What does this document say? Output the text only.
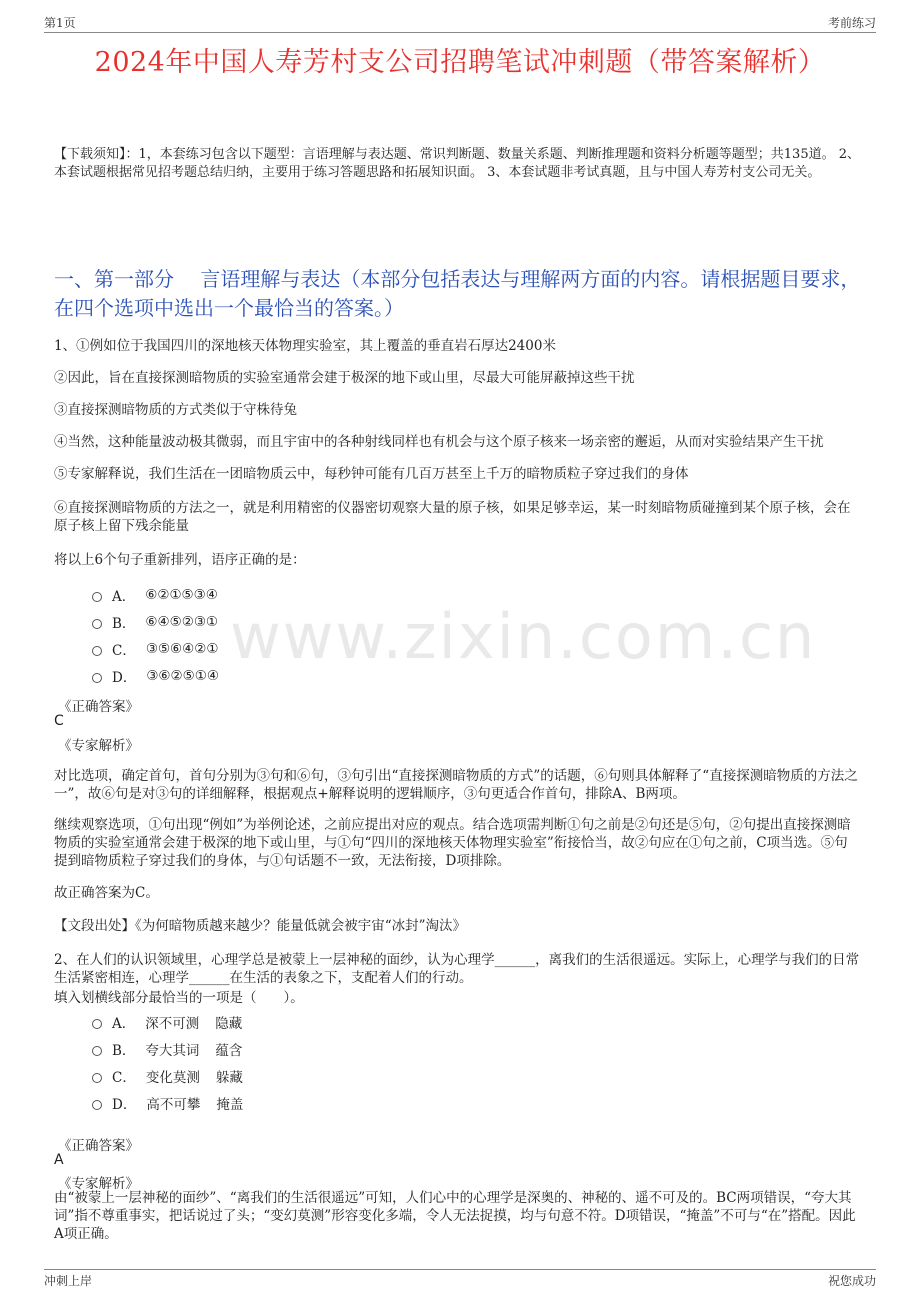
第1页	考前练习
www.zixin.com.cn
2024年中国人寿芳村支公司招聘笔试冲刺题（带答案解析）
【下载须知】：1，本套练习包含以下题型：言语理解与表达题、常识判断题、数量关系题、判断推理题和资料分析题等题型；共135道。 2、本套试题根据常见招考题总结归纳，主要用于练习答题思路和拓展知识面。 3、本套试题非考试真题，且与中国人寿芳村支公司无关。
一、第一部分　 言语理解与表达（本部分包括表达与理解两方面的内容。请根据题目要求，在四个选项中选出一个最恰当的答案。）
1、①例如位于我国四川的深地核天体物理实验室，其上覆盖的垂直岩石厚达2400米
②因此，旨在直接探测暗物质的实验室通常会建于极深的地下或山里，尽最大可能屏蔽掉这些干扰
③直接探测暗物质的方式类似于守株待兔
④当然，这种能量波动极其微弱，而且宇宙中的各种射线同样也有机会与这个原子核来一场亲密的邂逅，从而对实验结果产生干扰
⑤专家解释说，我们生活在一团暗物质云中，每秒钟可能有几百万甚至上千万的暗物质粒子穿过我们的身体
⑥直接探测暗物质的方法之一，就是利用精密的仪器密切观察大量的原子核，如果足够幸运，某一时刻暗物质碰撞到某个原子核，会在原子核上留下残余能量
将以上6个句子重新排列，语序正确的是：
A． ⑥②①⑤③④
B． ⑥④⑤②③①
C． ③⑤⑥④②①
D． ③⑥②⑤①④
《正确答案》
C
《专家解析》
对比选项，确定首句，首句分别为③句和⑥句，③句引出“直接探测暗物质的方式”的话题，⑥句则具体解释了“直接探测暗物质的方法之一”，故⑥句是对③句的详细解释，根据观点+解释说明的逻辑顺序，③句更适合作首句，排除A、B两项。
继续观察选项，①句出现“例如”为举例论述，之前应提出对应的观点。结合选项需判断①句之前是②句还是⑤句，②句提出直接探测暗物质的实验室通常会建于极深的地下或山里，与①句“四川的深地核天体物理实验室”衔接恰当，故②句应在①句之前，C项当选。⑤句提到暗物质粒子穿过我们的身体，与①句话题不一致，无法衔接，D项排除。
故正确答案为C。
【文段出处】《为何暗物质越来越少？能量低就会被宇宙“冰封”淘汰》
2、在人们的认识领域里，心理学总是被蒙上一层神秘的面纱，认为心理学______，离我们的生活很遥远。实际上，心理学与我们的日常生活紧密相连，心理学______在生活的表象之下，支配着人们的行动。
填入划横线部分最恰当的一项是（　　）。
A． 深不可测 隐藏
B． 夸大其词 蕴含
C． 变化莫测 躲藏
D． 高不可攀 掩盖
《正确答案》
A
《专家解析》
由“被蒙上一层神秘的面纱”、“离我们的生活很遥远”可知，人们心中的心理学是深奥的、神秘的、遥不可及的。BC两项错误，“夸大其词”指不尊重事实，把话说过了头；“变幻莫测”形容变化多端，令人无法捉摸，均与句意不符。D项错误，“掩盖”不可与“在”搭配。因此A项正确。
冲刺上岸	祝您成功
